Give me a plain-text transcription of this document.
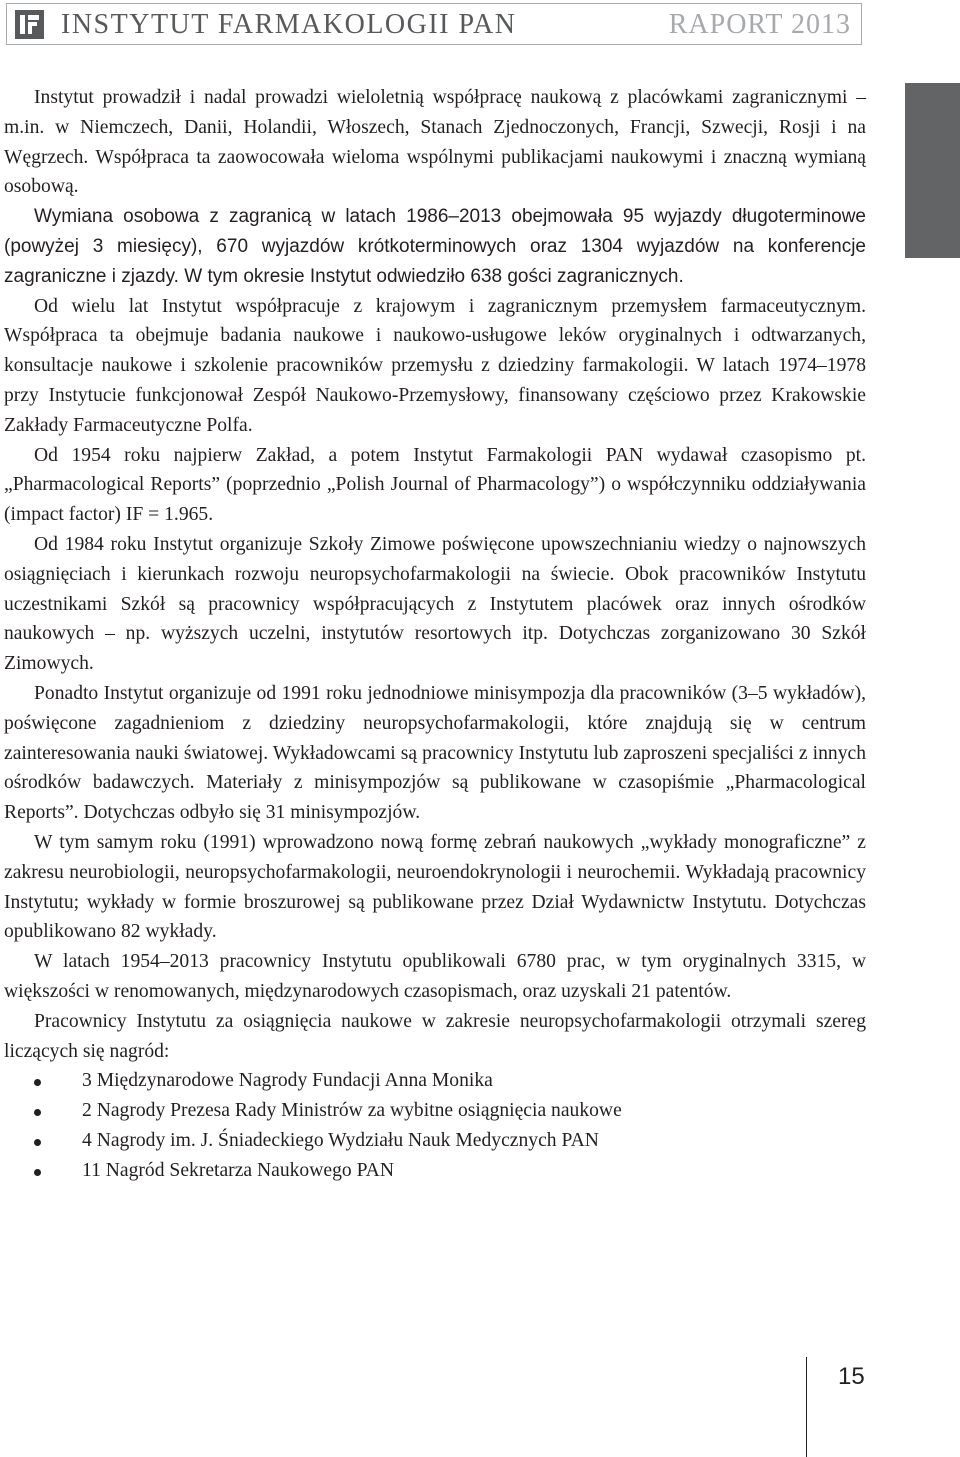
INSTYTUT FARMAKOLOGII PAN	RAPORT 2013

Instytut prowadził i nadal prowadzi wieloletnią współpracę naukową z placówkami zagranicznymi – m.in. w Niemczech, Danii, Holandii, Włoszech, Stanach Zjednoczonych, Francji, Szwecji, Rosji i na Węgrzech. Współpraca ta zaowocowała wieloma wspólnymi publikacjami naukowymi i znaczną wymianą osobową.

Wymiana osobowa z zagranicą w latach 1986–2013 obejmowała 95 wyjazdy długoterminowe (powyżej 3 miesięcy), 670 wyjazdów krótkoterminowych oraz 1304 wyjazdów na konferencje zagraniczne i zjazdy. W tym okresie Instytut odwiedziło 638 gości zagranicznych.

Od wielu lat Instytut współpracuje z krajowym i zagranicznym przemysłem farmaceutycznym. Współpraca ta obejmuje badania naukowe i naukowo-usługowe leków oryginalnych i odtwarzanych, konsultacje naukowe i szkolenie pracowników przemysłu z dziedziny farmakologii. W latach 1974–1978 przy Instytucie funkcjonował Zespół Naukowo-Przemysłowy, finansowany częściowo przez Krakowskie Zakłady Farmaceutyczne Polfa.

Od 1954 roku najpierw Zakład, a potem Instytut Farmakologii PAN wydawał czasopismo pt. „Pharmacological Reports” (poprzednio „Polish Journal of Pharmacology”) o współczynniku oddziaływania (impact factor) IF = 1.965.

Od 1984 roku Instytut organizuje Szkoły Zimowe poświęcone upowszechnianiu wiedzy o najnowszych osiągnięciach i kierunkach rozwoju neuropsychofarmakologii na świecie. Obok pracowników Instytutu uczestnikami Szkół są pracownicy współpracujących z Instytutem placówek oraz innych ośrodków naukowych – np. wyższych uczelni, instytutów resortowych itp. Dotychczas zorganizowano 30 Szkół Zimowych.

Ponadto Instytut organizuje od 1991 roku jednodniowe minisympozja dla pracowników (3–5 wykładów), poświęcone zagadnieniom z dziedziny neuropsychofarmakologii, które znajdują się w centrum zainteresowania nauki światowej. Wykładowcami są pracownicy Instytutu lub zaproszeni specjaliści z innych ośrodków badawczych. Materiały z minisympozjów są publikowane w czasopiśmie „Pharmacological Reports”. Dotychczas odbyło się 31 minisympozjów.

W tym samym roku (1991) wprowadzono nową formę zebrań naukowych „wykłady monograficzne” z zakresu neurobiologii, neuropsychofarmakologii, neuroendokrynologii i neurochemii. Wykładają pracownicy Instytutu; wykłady w formie broszurowej są publikowane przez Dział Wydawnictw Instytutu. Dotychczas opublikowano 82 wykłady.

W latach 1954–2013 pracownicy Instytutu opublikowali 6780 prac, w tym oryginalnych 3315, w większości w renomowanych, międzynarodowych czasopismach, oraz uzyskali 21 patentów.

Pracownicy Instytutu za osiągnięcia naukowe w zakresie neuropsychofarmakologii otrzymali szereg liczących się nagród:

3 Międzynarodowe Nagrody Fundacji Anna Monika
2 Nagrody Prezesa Rady Ministrów za wybitne osiągnięcia naukowe
4 Nagrody im. J. Śniadeckiego Wydziału Nauk Medycznych PAN
11 Nagród Sekretarza Naukowego PAN
15
